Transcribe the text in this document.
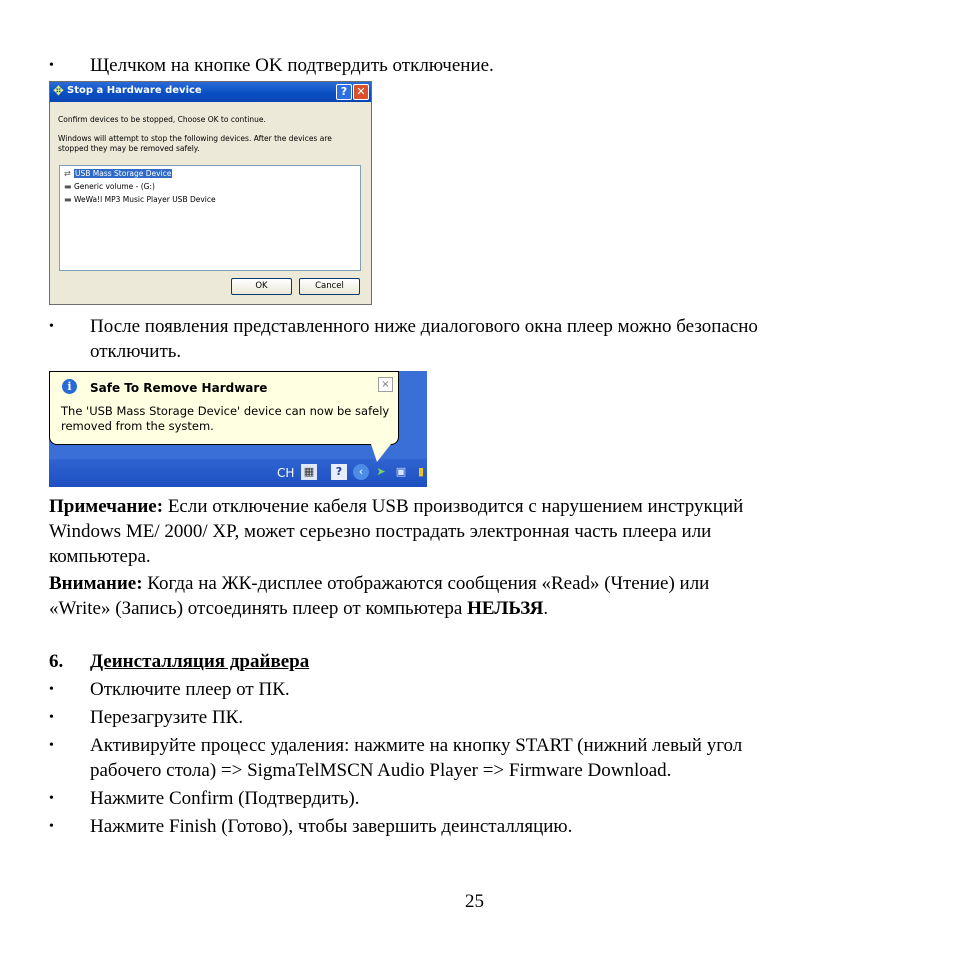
• Щелчком на кнопке OK подтвердить отключение.
✥ Stop a Hardware device	? ✕
Confirm devices to be stopped, Choose OK to continue.
Windows will attempt to stop the following devices. After the devices are
stopped they may be removed safely.
⇄ USB Mass Storage Device
▬ Generic volume - (G:)
▬ WeWa!l MP3 Music Player USB Device
OK	Cancel
• После появления представленного ниже диалогового окна плеер можно безопасно
отключить.
CH ▦	?	‹	➤ ▣	▮
i	Safe To Remove Hardware	×
The 'USB Mass Storage Device' device can now be safely removed from the system.
Примечание: Если отключение кабеля USB производится с нарушением инструкций
Windows ME/ 2000/ XP, может серьезно пострадать электронная часть плеера или
компьютера.
Внимание: Когда на ЖК-дисплее отображаются сообщения «Read» (Чтение) или
«Write» (Запись) отсоединять плеер от компьютера НЕЛЬЗЯ.
6. Деинсталляция драйвера
• Отключите плеер от ПК.
• Перезагрузите ПК.
• Активируйте процесс удаления: нажмите на кнопку START (нижний левый угол
рабочего стола) => SigmaTelMSCN Audio Player => Firmware Download.
• Нажмите Confirm (Подтвердить).
• Нажмите Finish (Готово), чтобы завершить деинсталляцию.
25
